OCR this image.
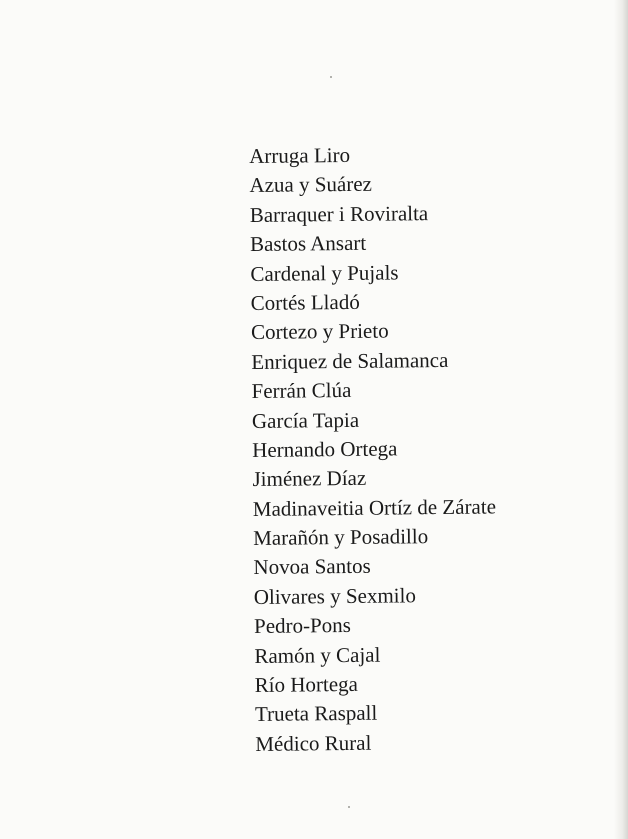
Arruga Liro
Azua y Suárez
Barraquer i Roviralta
Bastos Ansart
Cardenal y Pujals
Cortés Lladó
Cortezo y Prieto
Enriquez de Salamanca
Ferrán Clúa
García Tapia
Hernando Ortega
Jiménez Díaz
Madinaveitia Ortíz de Zárate
Marañón y Posadillo
Novoa Santos
Olivares y Sexmilo
Pedro-Pons
Ramón y Cajal
Río Hortega
Trueta Raspall
Médico Rural
